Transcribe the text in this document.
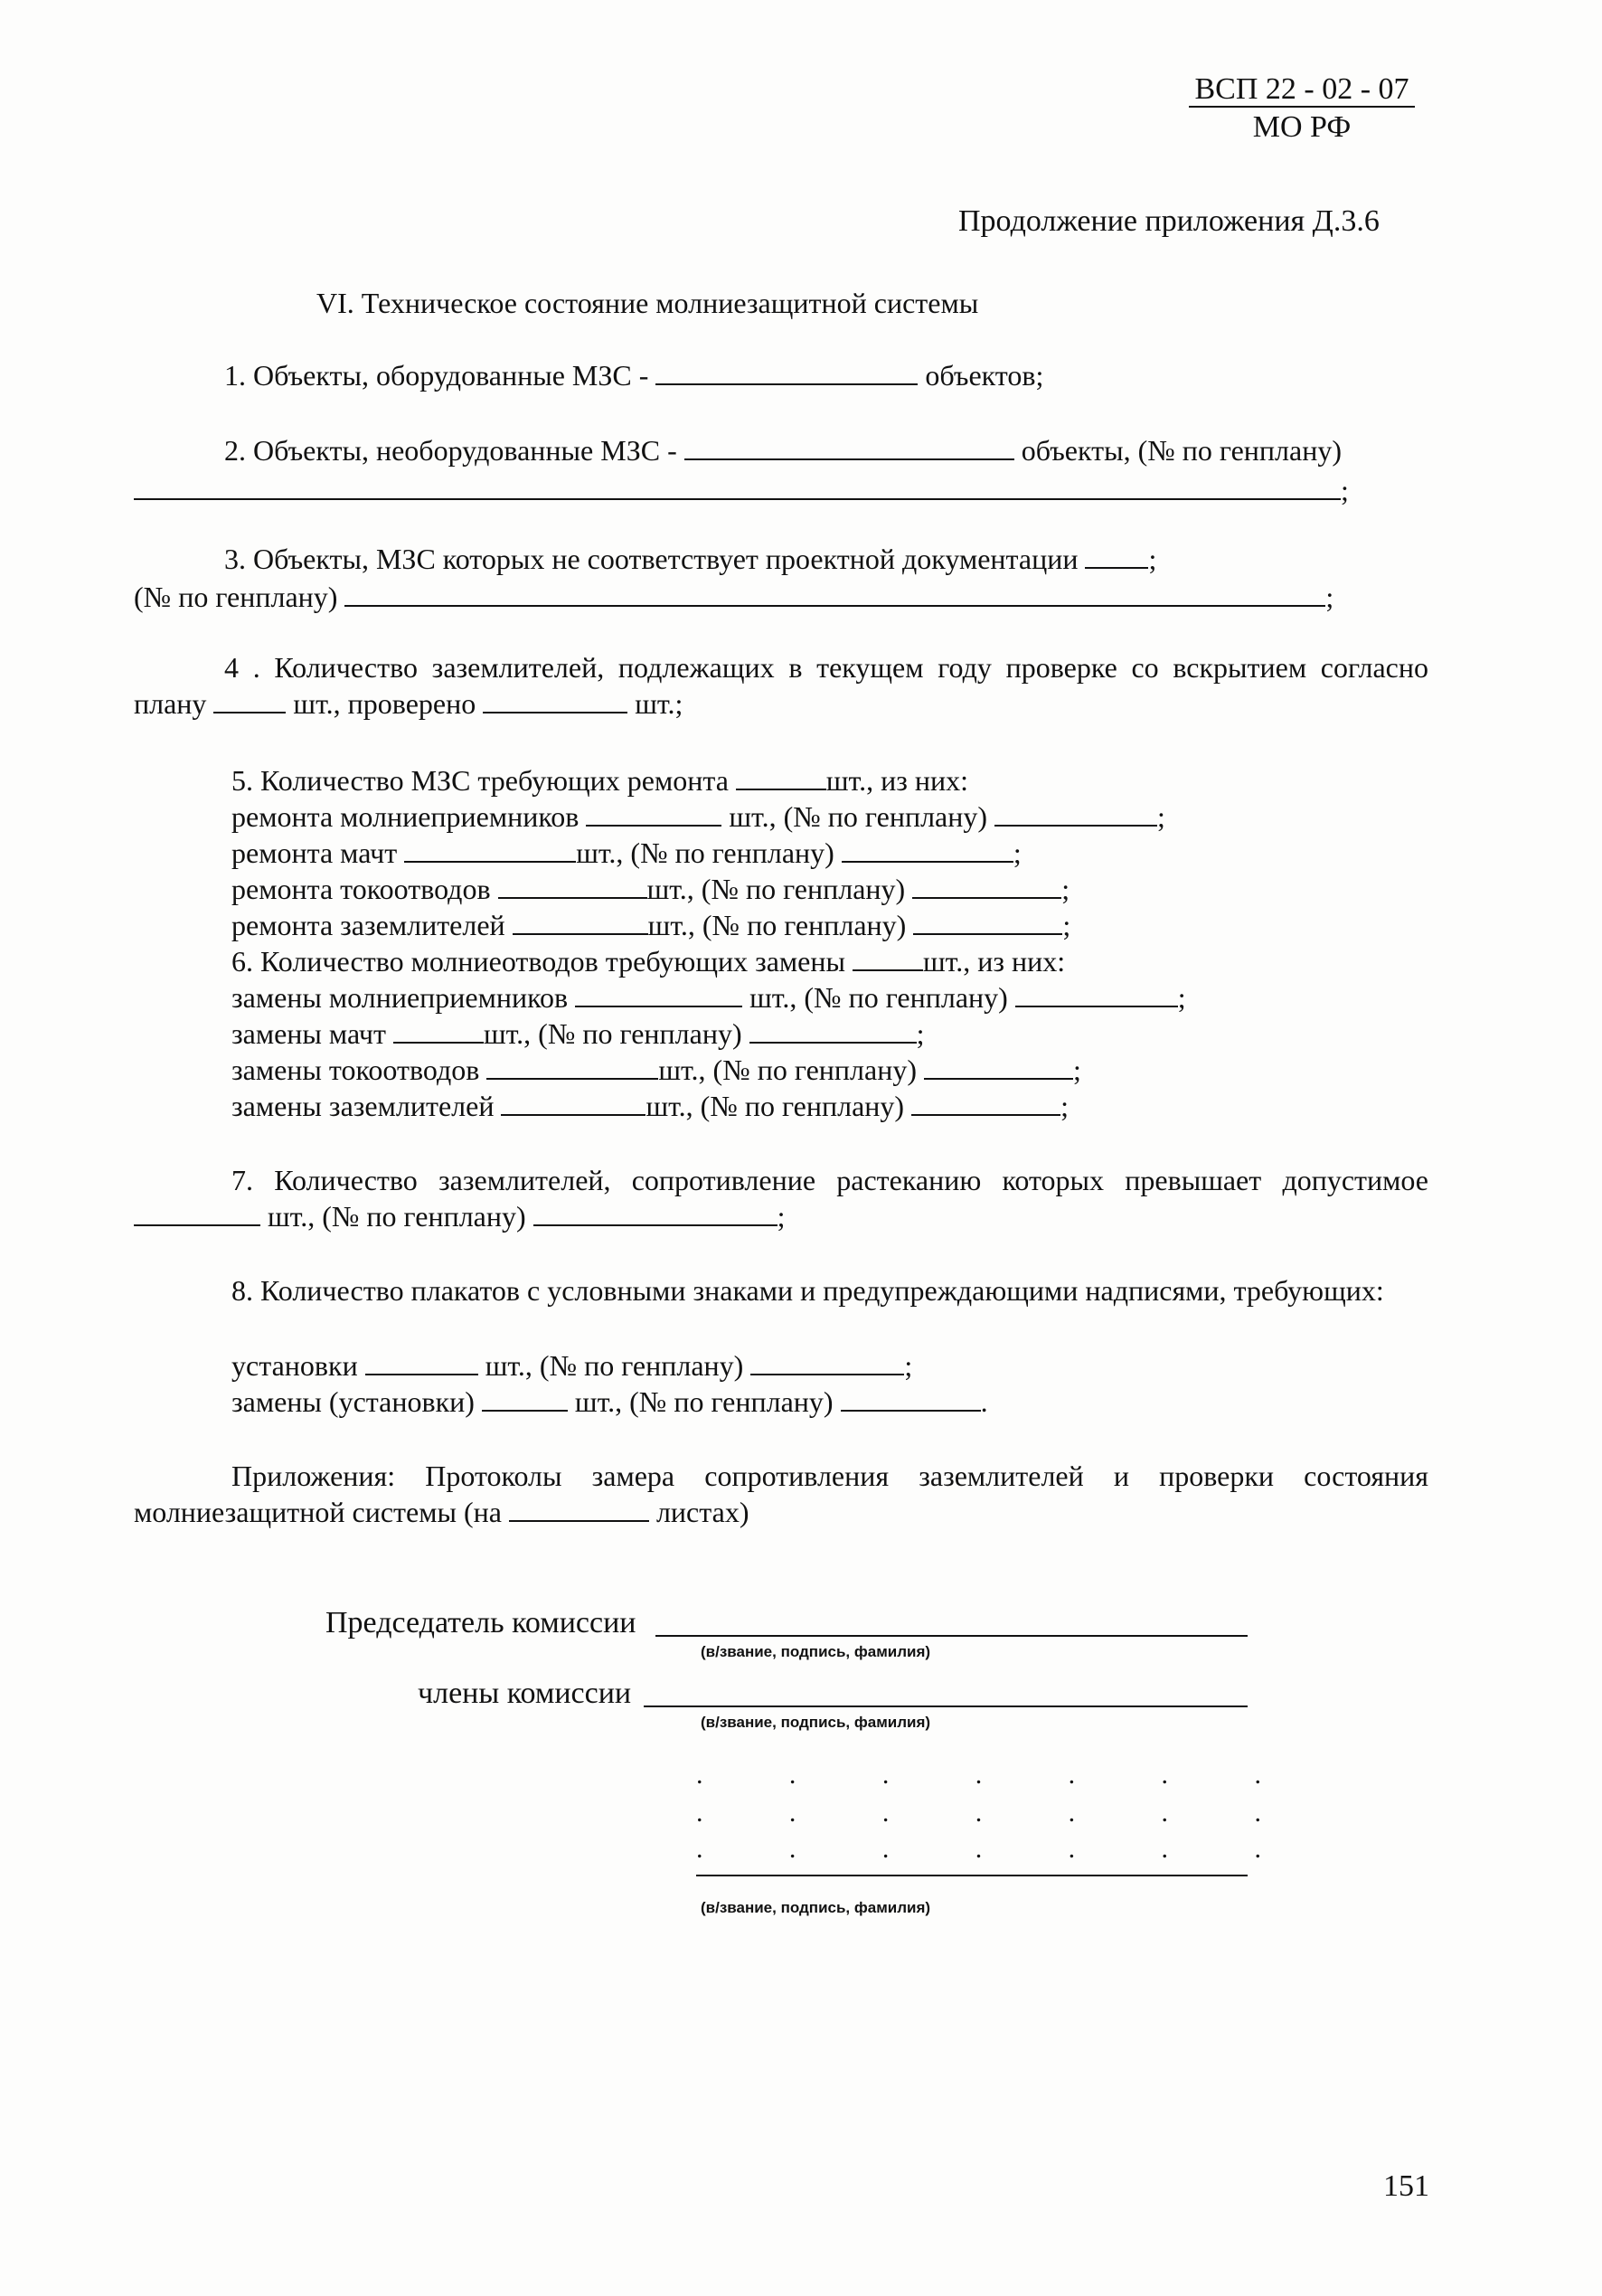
ВСП 22 - 02 - 07
МО РФ
Продолжение приложения Д.3.6
VI. Техническое состояние молниезащитной системы
1. Объекты, оборудованные МЗС -	объектов;
2. Объекты, необорудованные МЗС -	объекты, (№ по генплану)
;
3. Объекты, МЗС которых не соответствует проектной документации ;
(№ по генплану)	;
4 . Количество заземлителей, подлежащих в текущем году проверке со вскрытием согласно плану	шт., проверено	шт.;
5. Количество МЗС требующих ремонта	шт., из них:
ремонта молниеприемников	шт., (№ по генплану)	;
ремонта мачт	шт., (№ по генплану)	;
ремонта токоотводов	шт., (№ по генплану)	;
ремонта заземлителей	шт., (№ по генплану)	;
6. Количество молниеотводов требующих замены	шт., из них:
замены молниеприемников	шт., (№ по генплану)	;
замены мачт	шт., (№ по генплану)	;
замены токоотводов	шт., (№ по генплану)	;
замены заземлителей	шт., (№ по генплану)	;
7. Количество заземлителей, сопротивление растеканию которых превышает допустимое  шт., (№ по генплану)	;
8. Количество плакатов с условными знаками и предупреждающими надписями, требующих:
установки	шт., (№ по генплану)	;
замены (установки)	шт., (№ по генплану)	.
Приложения: Протоколы замера сопротивления заземлителей и проверки состояния молниезащитной системы (на	листах)
Председатель комиссии
(в/звание, подпись, фамилия)
члены комиссии
(в/звание, подпись, фамилия)
.	.	.	.	.	.	.
.	.	.	.	.	.	.
.	.	.	.	.	.	.
(в/звание, подпись, фамилия)
151
